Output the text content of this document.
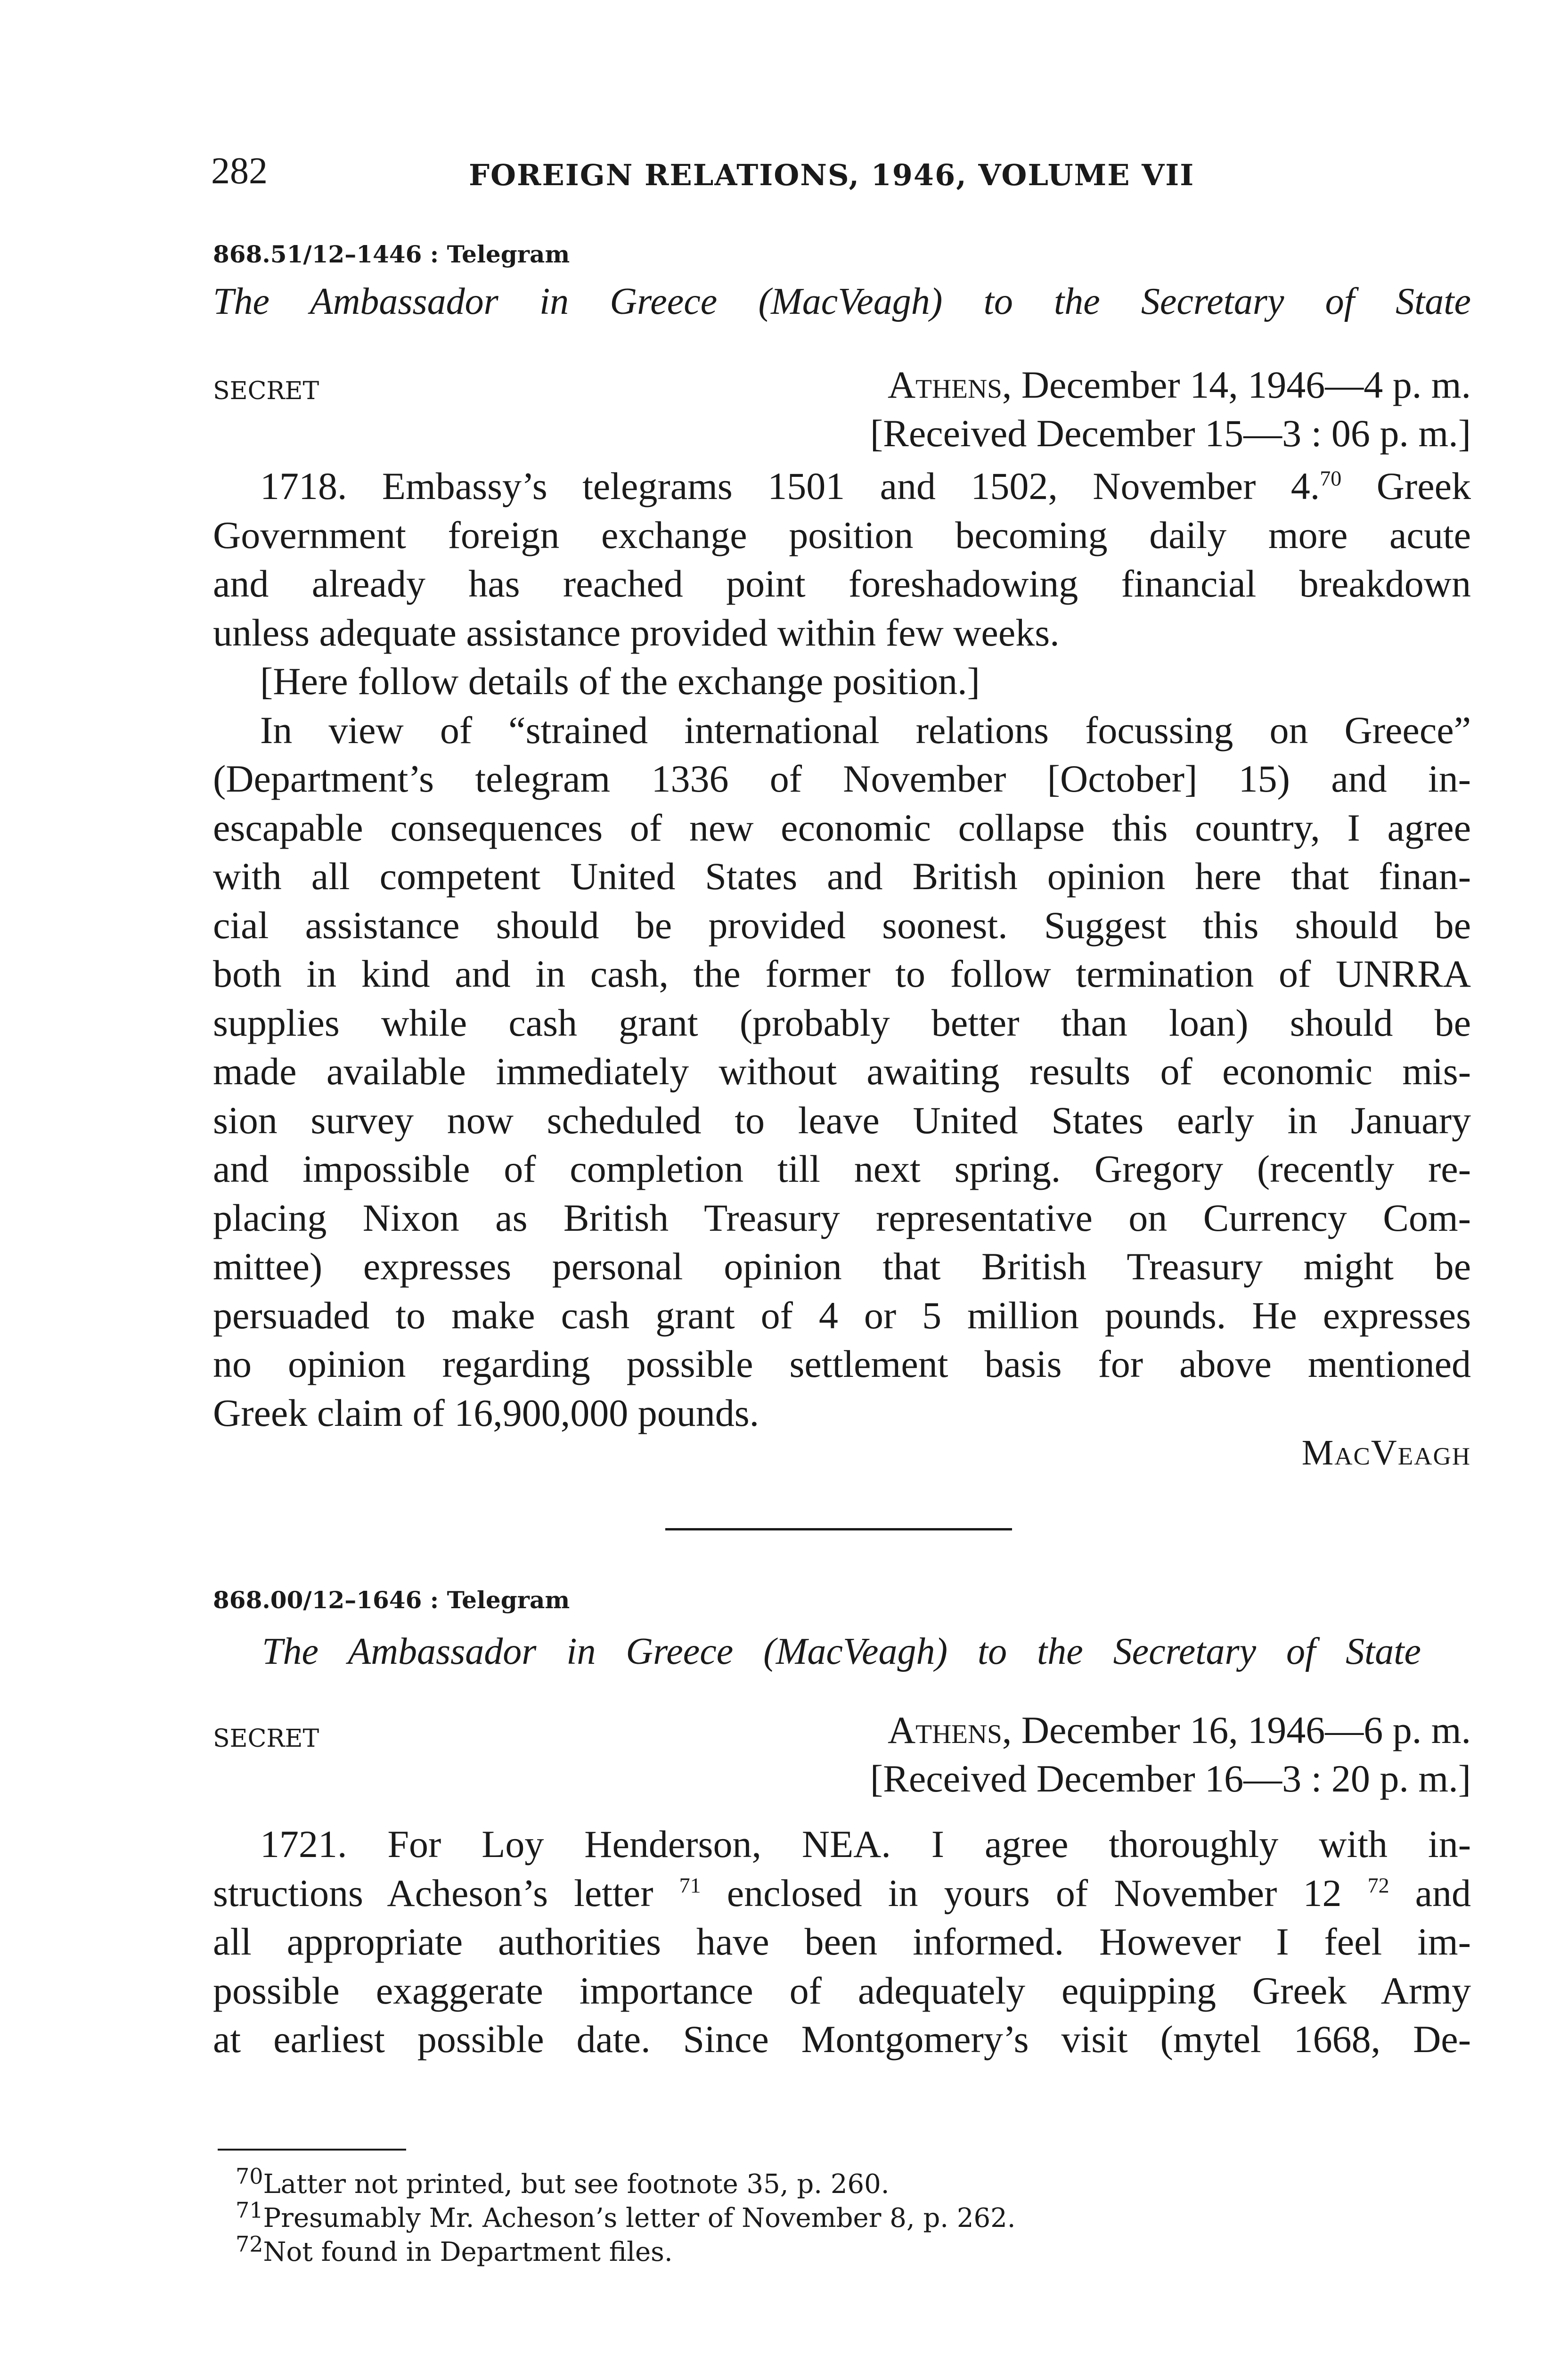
282	FOREIGN RELATIONS, 1946, VOLUME VII
868.51/12–1446 : Telegram
The Ambassador in Greece (MacVeagh) to the Secretary of State
SECRET	Athens, December 14, 1946—4 p. m.
[Received December 15—3 : 06 p. m.]
1718. Embassy’s telegrams 1501 and 1502, November 4.70 Greek
Government foreign exchange position becoming daily more acute
and already has reached point foreshadowing financial breakdown
unless adequate assistance provided within few weeks.
[Here follow details of the exchange position.]
In view of “strained international relations focussing on Greece”
(Department’s telegram 1336 of November [October] 15) and in-
escapable consequences of new economic collapse this country, I agree
with all competent United States and British opinion here that finan-
cial assistance should be provided soonest. Suggest this should be
both in kind and in cash, the former to follow termination of UNRRA
supplies while cash grant (probably better than loan) should be
made available immediately without awaiting results of economic mis-
sion survey now scheduled to leave United States early in January
and impossible of completion till next spring. Gregory (recently re-
placing Nixon as British Treasury representative on Currency Com-
mittee) expresses personal opinion that British Treasury might be
persuaded to make cash grant of 4 or 5 million pounds. He expresses
no opinion regarding possible settlement basis for above mentioned
Greek claim of 16,900,000 pounds.
MacVeagh
868.00/12–1646 : Telegram
The Ambassador in Greece (MacVeagh) to the Secretary of State
SECRET	Athens, December 16, 1946—6 p. m.
[Received December 16—3 : 20 p. m.]
1721. For Loy Henderson, NEA. I agree thoroughly with in-
structions Acheson’s letter $^{71}$ enclosed in yours of November 12 $^{72}$ and
all appropriate authorities have been informed. However I feel im-
possible exaggerate importance of adequately equipping Greek Army
at earliest possible date. Since Montgomery’s visit (mytel 1668, De-
$^{70}$Latter not printed, but see footnote 35, p. 260.
$^{71}$Presumably Mr. Acheson’s letter of November 8, p. 262.
$^{72}$Not found in Department files.
